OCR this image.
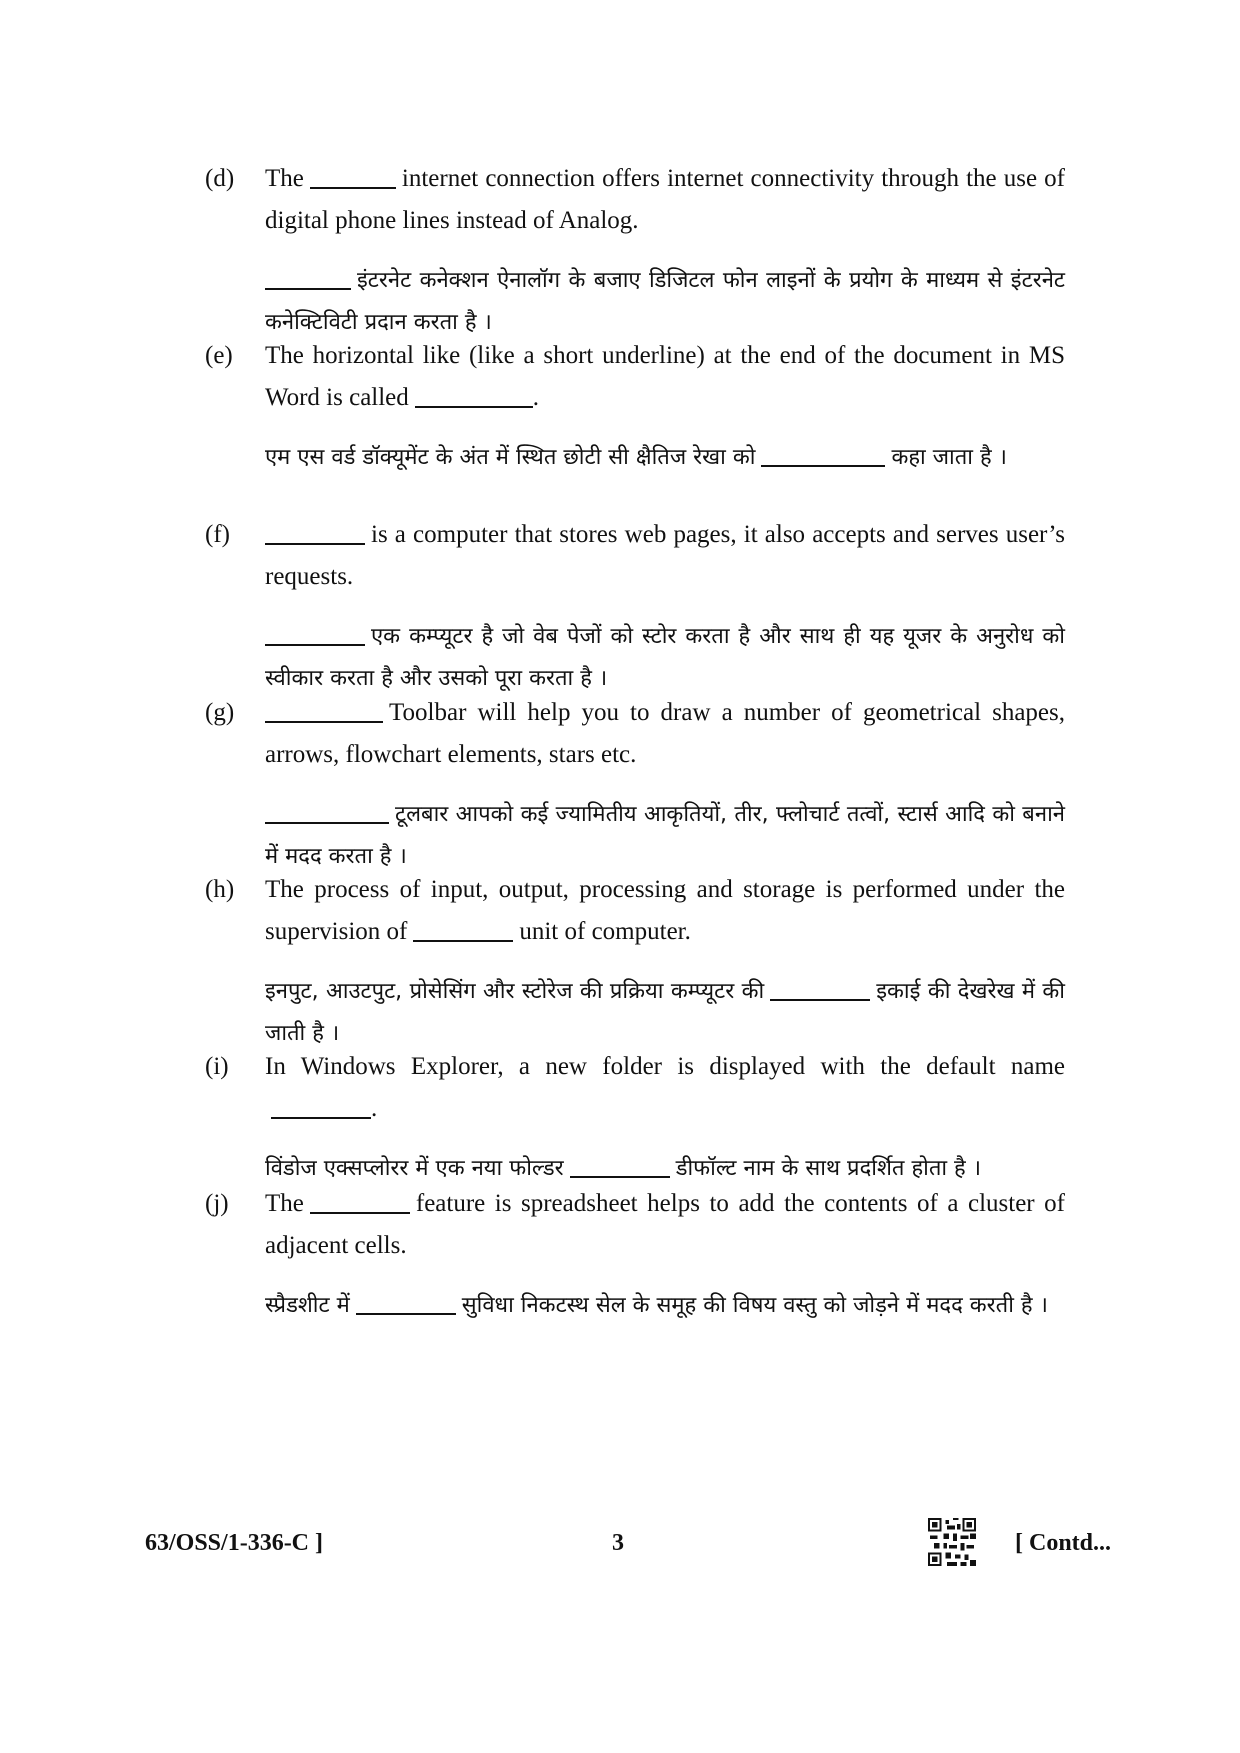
(d) The	internet connection offers internet connectivity through the use of digital phone lines instead of Analog.
इंटरनेट कनेक्शन ऐनालॉग के बजाए डिजिटल फोन लाइनों के प्रयोग के माध्यम से इंटरनेट कनेक्टिविटी प्रदान करता है ।
(e) The horizontal like (like a short underline) at the end of the document in MS Word is called	.
एम एस वर्ड डॉक्यूमेंट के अंत में स्थित छोटी सी क्षैतिज रेखा को	कहा जाता है ।
(f)	is a computer that stores web pages, it also accepts and serves user’s requests.
एक कम्प्यूटर है जो वेब पेजों को स्टोर करता है और साथ ही यह यूजर के अनुरोध को स्वीकार करता है और उसको पूरा करता है ।
(g)	Toolbar will help you to draw a number of geometrical shapes, arrows, flowchart elements, stars etc.
टूलबार आपको कई ज्यामितीय आकृतियों, तीर, फ्लोचार्ट तत्वों, स्टार्स आदि को बनाने में मदद करता है ।
(h) The process of input, output, processing and storage is performed under the supervision of	unit of computer.
इनपुट, आउटपुट, प्रोसेसिंग और स्टोरेज की प्रक्रिया कम्प्यूटर की	इकाई की देखरेख में की जाती है ।
(i) In Windows Explorer, a new folder is displayed with the default name.
विंडोज एक्सप्लोरर में एक नया फोल्डर	डीफॉल्ट नाम के साथ प्रदर्शित होता है ।
(j) The	feature is spreadsheet helps to add the contents of a cluster of adjacent cells.
स्प्रैडशीट में	सुविधा निकटस्थ सेल के समूह की विषय वस्तु को जोड़ने में मदद करती है ।
63/OSS/1-336-C ]	3	[ Contd...
